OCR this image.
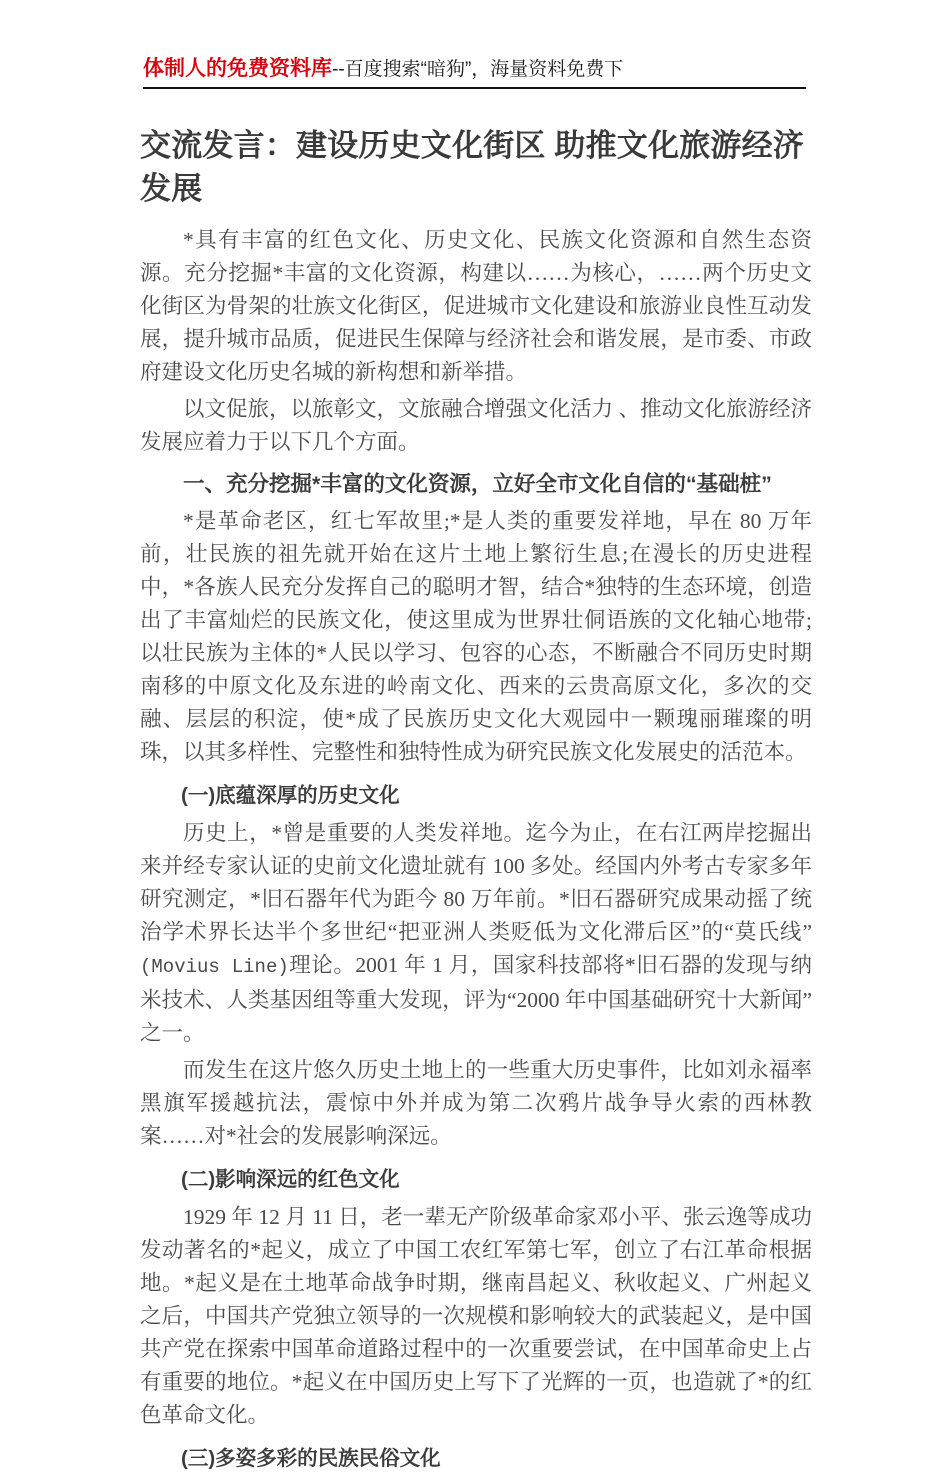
体制人的免费资料库--百度搜索“暗狗”，海量资料免费下
交流发言：建设历史文化街区 助推文化旅游经济发展

*具有丰富的红色文化、历史文化、民族文化资源和自然生态资源。充分挖掘*丰富的文化资源，构建以……为核心，……两个历史文化街区为骨架的壮族文化街区，促进城市文化建设和旅游业良性互动发展，提升城市品质，促进民生保障与经济社会和谐发展，是市委、市政府建设文化历史名城的新构想和新举措。

以文促旅，以旅彰文，文旅融合增强文化活力 、推动文化旅游经济发展应着力于以下几个方面。

一、充分挖掘*丰富的文化资源，立好全市文化自信的“基础桩”

*是革命老区，红七军故里;*是人类的重要发祥地，早在 80 万年前，壮民族的祖先就开始在这片土地上繁衍生息;在漫长的历史进程中，*各族人民充分发挥自己的聪明才智，结合*独特的生态环境，创造出了丰富灿烂的民族文化，使这里成为世界壮侗语族的文化轴心地带;以壮民族为主体的*人民以学习、包容的心态，不断融合不同历史时期南移的中原文化及东进的岭南文化、西来的云贵高原文化，多次的交融、层层的积淀，使*成了民族历史文化大观园中一颗瑰丽璀璨的明珠，以其多样性、完整性和独特性成为研究民族文化发展史的活范本。

(一)底蕴深厚的历史文化

历史上，*曾是重要的人类发祥地。迄今为止，在右江两岸挖掘出来并经专家认证的史前文化遗址就有 100 多处。经国内外考古专家多年研究测定，*旧石器年代为距今 80 万年前。*旧石器研究成果动摇了统治学术界长达半个多世纪“把亚洲人类贬低为文化滞后区”的“莫氏线”(Movius Line)理论。2001 年 1 月，国家科技部将*旧石器的发现与纳米技术、人类基因组等重大发现，评为“2000 年中国基础研究十大新闻”之一。

而发生在这片悠久历史土地上的一些重大历史事件，比如刘永福率黑旗军援越抗法，震惊中外并成为第二次鸦片战争导火索的西林教案……对*社会的发展影响深远。

(二)影响深远的红色文化

1929 年 12 月 11 日，老一辈无产阶级革命家邓小平、张云逸等成功发动著名的*起义，成立了中国工农红军第七军，创立了右江革命根据地。*起义是在土地革命战争时期，继南昌起义、秋收起义、广州起义之后，中国共产党独立领导的一次规模和影响较大的武装起义，是中国共产党在探索中国革命道路过程中的一次重要尝试，在中国革命史上占有重要的地位。*起义在中国历史上写下了光辉的一页，也造就了*的红色革命文化。

(三)多姿多彩的民族民俗文化
